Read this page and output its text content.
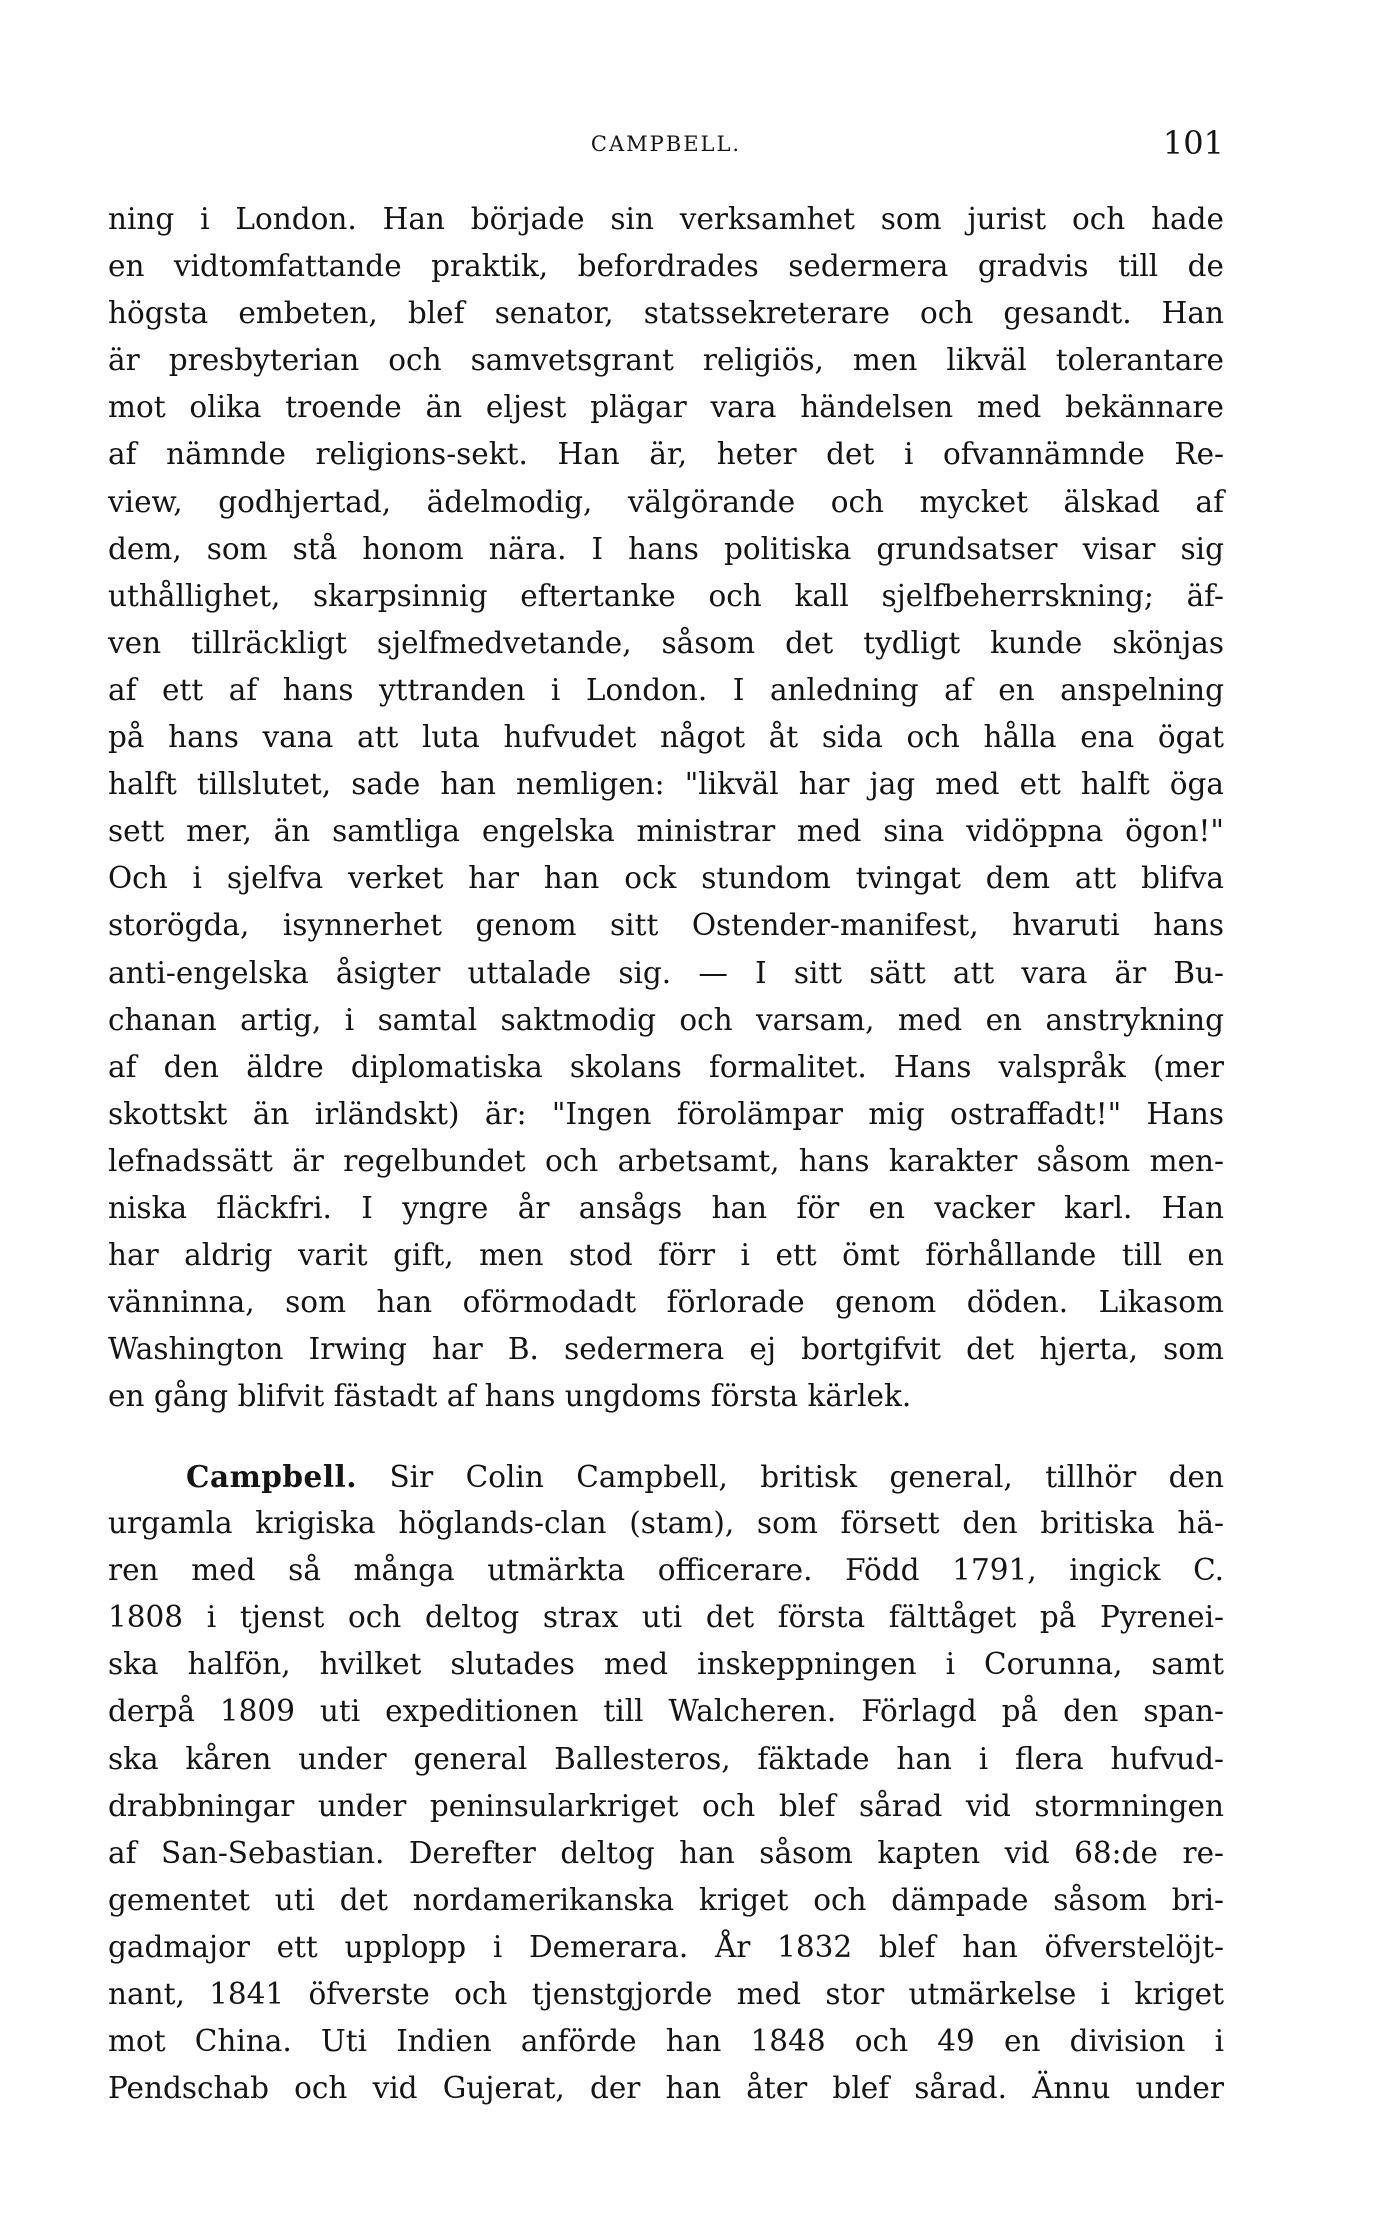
CAMPBELL.	101
ning i London. Han började sin verksamhet som jurist och hade
en vidtomfattande praktik, befordrades sedermera gradvis till de
högsta embeten, blef senator, statssekreterare och gesandt. Han
är presbyterian och samvetsgrant religiös, men likväl tolerantare
mot olika troende än eljest plägar vara händelsen med bekännare
af nämnde religions-sekt. Han är, heter det i ofvannämnde Re-
view, godhjertad, ädelmodig, välgörande och mycket älskad af
dem, som stå honom nära. I hans politiska grundsatser visar sig
uthållighet, skarpsinnig eftertanke och kall sjelfbeherrskning; äf-
ven tillräckligt sjelfmedvetande, såsom det tydligt kunde skönjas
af ett af hans yttranden i London. I anledning af en anspelning
på hans vana att luta hufvudet något åt sida och hålla ena ögat
halft tillslutet, sade han nemligen: "likväl har jag med ett halft öga
sett mer, än samtliga engelska ministrar med sina vidöppna ögon!"
Och i sjelfva verket har han ock stundom tvingat dem att blifva
storögda, isynnerhet genom sitt Ostender-manifest, hvaruti hans
anti-engelska åsigter uttalade sig. — I sitt sätt att vara är Bu-
chanan artig, i samtal saktmodig och varsam, med en anstrykning
af den äldre diplomatiska skolans formalitet. Hans valspråk (mer
skottskt än irländskt) är: "Ingen förolämpar mig ostraffadt!" Hans
lefnadssätt är regelbundet och arbetsamt, hans karakter såsom men-
niska fläckfri. I yngre år ansågs han för en vacker karl. Han
har aldrig varit gift, men stod förr i ett ömt förhållande till en
vänninna, som han oförmodadt förlorade genom döden. Likasom
Washington Irwing har B. sedermera ej bortgifvit det hjerta, som
en gång blifvit fästadt af hans ungdoms första kärlek.
Campbell. Sir Colin Campbell, britisk general, tillhör den
urgamla krigiska höglands-clan (stam), som försett den britiska hä-
ren med så många utmärkta officerare. Född 1791, ingick C.
1808 i tjenst och deltog strax uti det första fälttåget på Pyrenei-
ska halfön, hvilket slutades med inskeppningen i Corunna, samt
derpå 1809 uti expeditionen till Walcheren. Förlagd på den span-
ska kåren under general Ballesteros, fäktade han i flera hufvud-
drabbningar under peninsularkriget och blef sårad vid stormningen
af San-Sebastian. Derefter deltog han såsom kapten vid 68:de re-
gementet uti det nordamerikanska kriget och dämpade såsom bri-
gadmajor ett upplopp i Demerara. År 1832 blef han öfverstelöjt-
nant, 1841 öfverste och tjenstgjorde med stor utmärkelse i kriget
mot China. Uti Indien anförde han 1848 och 49 en division i
Pendschab och vid Gujerat, der han åter blef sårad. Ännu under
